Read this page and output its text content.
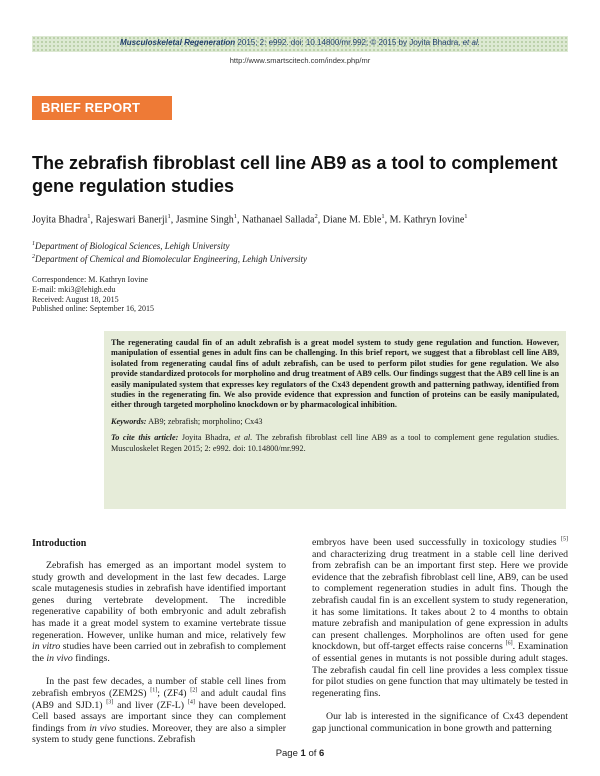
Musculoskeletal Regeneration 2015; 2: e992. doi: 10.14800/mr.992; © 2015 by Joyita Bhadra, et al.
http://www.smartscitech.com/index.php/mr
BRIEF REPORT
The zebrafish fibroblast cell line AB9 as a tool to complement gene regulation studies
Joyita Bhadra$^1$, Rajeswari Banerji$^1$, Jasmine Singh$^1$, Nathanael Sallada$^2$, Diane M. Eble$^1$, M. Kathryn Iovine$^1$
$^1$Department of Biological Sciences, Lehigh University
$^2$Department of Chemical and Biomolecular Engineering, Lehigh University
Correspondence: M. Kathryn Iovine
E-mail: mki3@lehigh.edu
Received: August 18, 2015
Published online: September 16, 2015

The regenerating caudal fin of an adult zebrafish is a great model system to study gene regulation and function. However, manipulation of essential genes in adult fins can be challenging. In this brief report, we suggest that a fibroblast cell line AB9, isolated from regenerating caudal fins of adult zebrafish, can be used to perform pilot studies for gene regulation. We also provide standardized protocols for morpholino and drug treatment of AB9 cells. Our findings suggest that the AB9 cell line is an easily manipulated system that expresses key regulators of the Cx43 dependent growth and patterning pathway, identified from studies in the regenerating fin. We also provide evidence that expression and function of proteins can be easily manipulated, either through targeted morpholino knockdown or by pharmacological inhibition.

Keywords: AB9; zebrafish; morpholino; Cx43

To cite this article: Joyita Bhadra, et al. The zebrafish fibroblast cell line AB9 as a tool to complement gene regulation studies. Musculoskelet Regen 2015; 2: e992. doi: 10.14800/mr.992.

Introduction

Zebrafish has emerged as an important model system to study growth and development in the last few decades. Large scale mutagenesis studies in zebrafish have identified important genes during vertebrate development. The incredible regenerative capability of both embryonic and adult zebrafish has made it a great model system to examine vertebrate tissue regeneration. However, unlike human and mice, relatively few in vitro studies have been carried out in zebrafish to complement the in vivo findings.

In the past few decades, a number of stable cell lines from zebrafish embryos (ZEM2S) [1]; (ZF4) [2] and adult caudal fins (AB9 and SJD.1) [3] and liver (ZF-L) [4] have been developed. Cell based assays are important since they can complement findings from in vivo studies. Moreover, they are also a simpler system to study gene functions. Zebrafish

embryos have been used successfully in toxicology studies [5] and characterizing drug treatment in a stable cell line derived from zebrafish can be an important first step. Here we provide evidence that the zebrafish fibroblast cell line, AB9, can be used to complement regeneration studies in adult fins. Though the zebrafish caudal fin is an excellent system to study regeneration, it has some limitations. It takes about 2 to 4 months to obtain mature zebrafish and manipulation of gene expression in adults can present challenges. Morpholinos are often used for gene knockdown, but off-target effects raise concerns [6]. Examination of essential genes in mutants is not possible during adult stages. The zebrafish caudal fin cell line provides a less complex tissue for pilot studies on gene function that may ultimately be tested in regenerating fins.

Our lab is interested in the significance of Cx43 dependent gap junctional communication in bone growth and patterning

Page 1 of 6
